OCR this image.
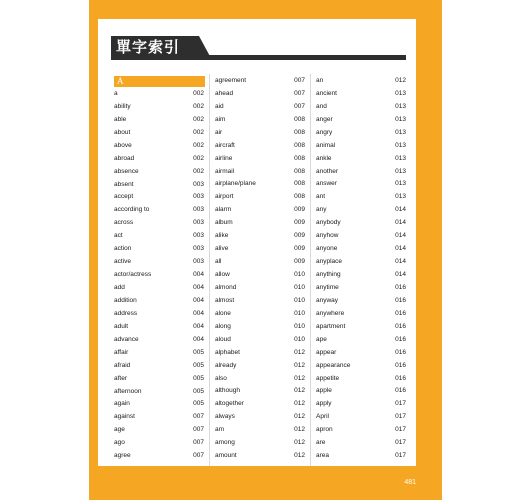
單字索引
A
a	002
ability	002
able	002
about	002
above	002
abroad	002
absence	002
absent	003
accept	003
according to	003
across	003
act	003
action	003
active	003
actor/actress	004
add	004
addition	004
address	004
adult	004
advance	004
affair	005
afraid	005
after	005
afternoon	005
again	005
against	007
age	007
ago	007
agree	007
agreement	007
ahead	007
aid	007
aim	008
air	008
aircraft	008
airline	008
airmail	008
airplane/plane	008
airport	008
alarm	009
album	009
alike	009
alive	009
all	009
allow	010
almond	010
almost	010
alone	010
along	010
aloud	010
alphabet	012
already	012
also	012
although	012
altogether	012
always	012
am	012
among	012
amount	012
an	012
ancient	013
and	013
anger	013
angry	013
animal	013
ankle	013
another	013
answer	013
ant	013
any	014
anybody	014
anyhow	014
anyone	014
anyplace	014
anything	014
anytime	016
anyway	016
anywhere	016
apartment	016
ape	016
appear	016
appearance	016
appetite	016
apple	016
apply	017
April	017
apron	017
are	017
area	017
481
